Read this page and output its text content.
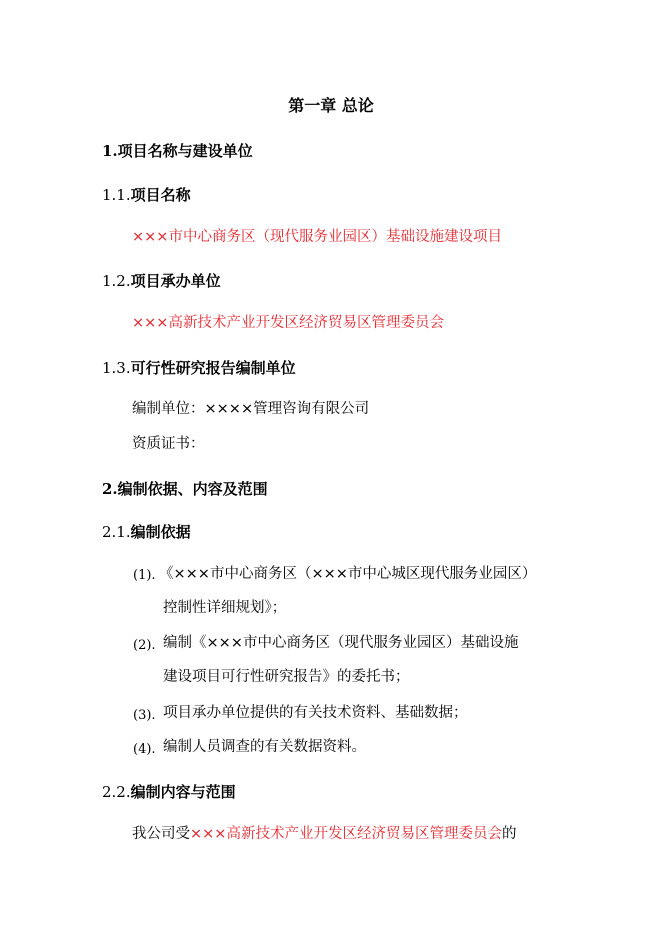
第一章 总论
1.项目名称与建设单位
1.1.项目名称
×××市中心商务区（现代服务业园区）基础设施建设项目
1.2.项目承办单位
×××高新技术产业开发区经济贸易区管理委员会
1.3.可行性研究报告编制单位
编制单位：××××管理咨询有限公司
资质证书：
2.编制依据、内容及范围
2.1.编制依据
(1). 《×××市中心商务区（×××市中心城区现代服务业园区）
控制性详细规划》；
(2). 编制《×××市中心商务区（现代服务业园区）基础设施
建设项目可行性研究报告》的委托书；
(3). 项目承办单位提供的有关技术资料、基础数据；
(4). 编制人员调查的有关数据资料。
2.2.编制内容与范围
我公司受×××高新技术产业开发区经济贸易区管理委员会的
